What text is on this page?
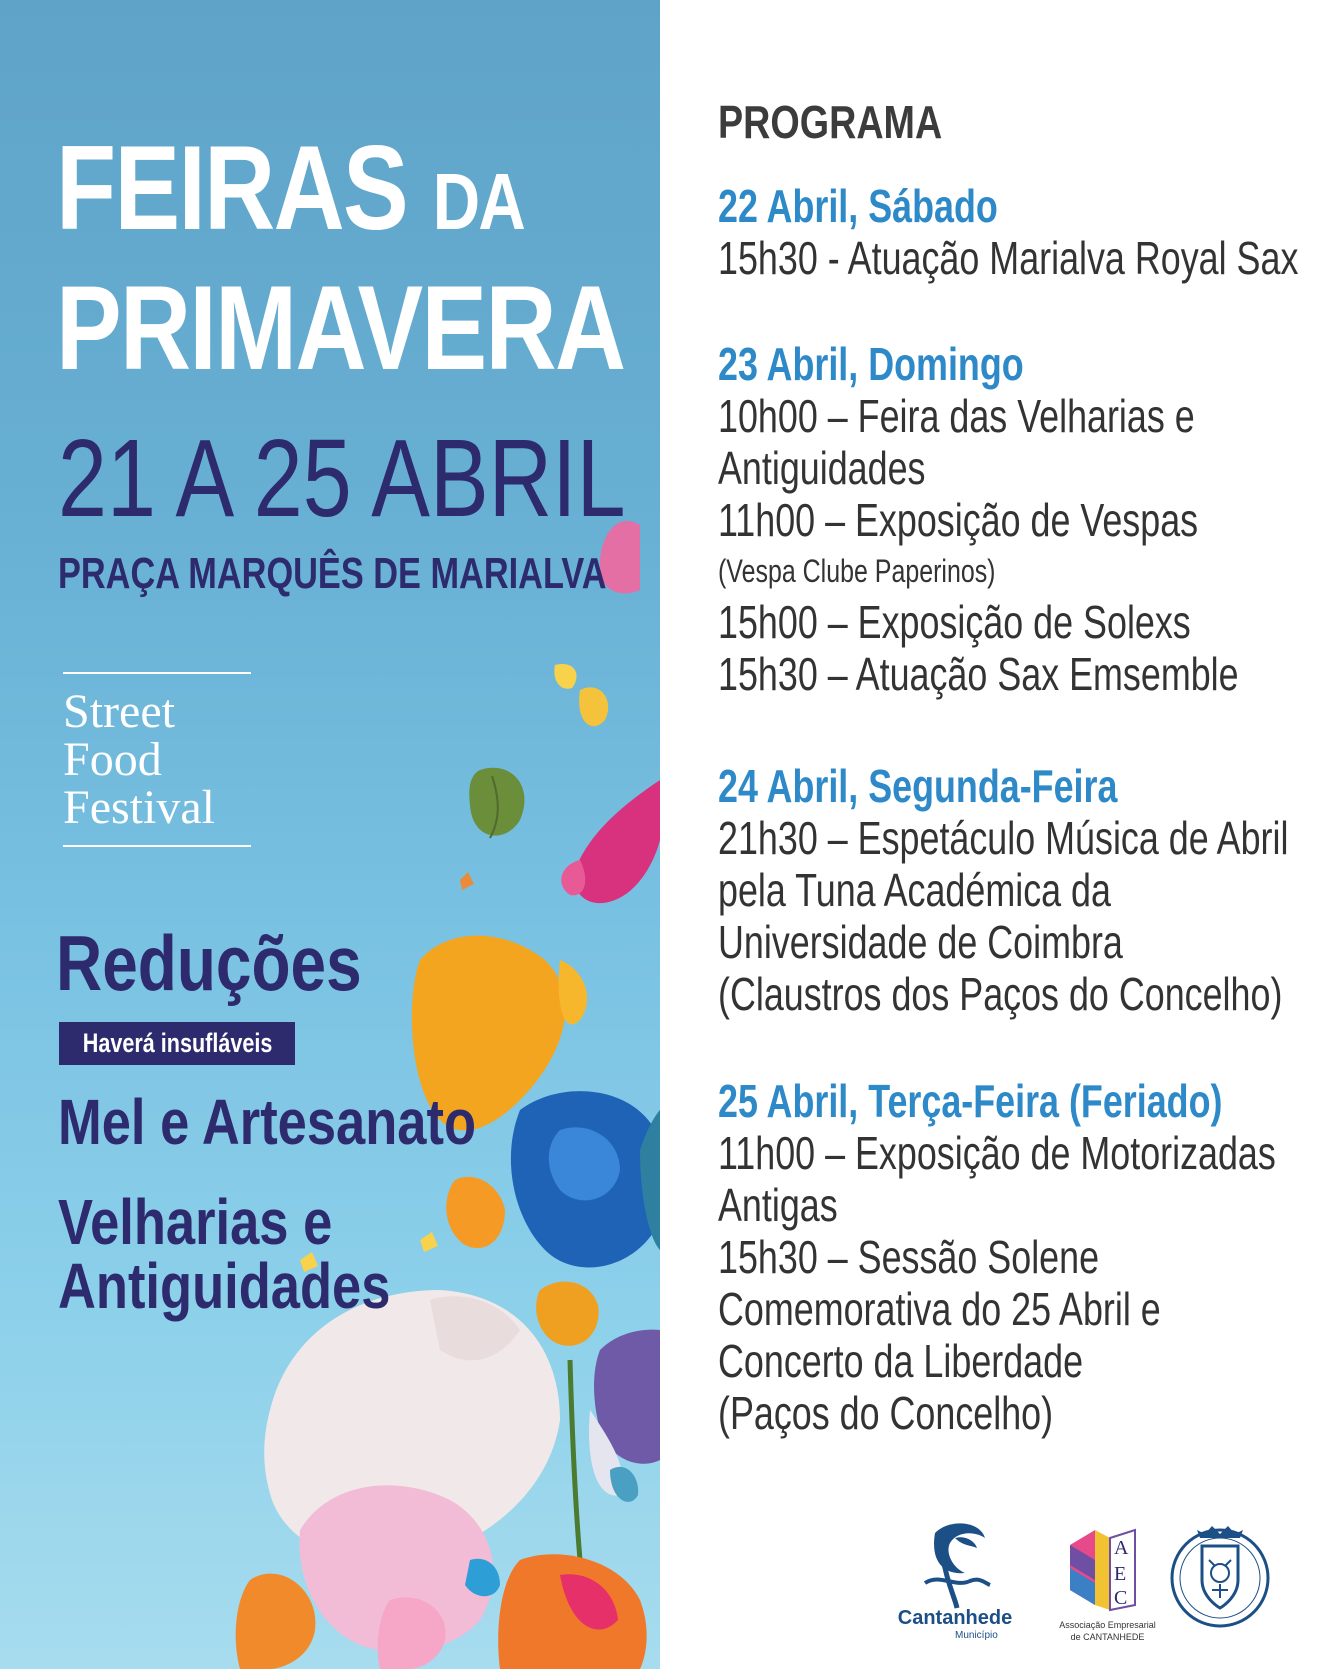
FEIRAS DA
PRIMAVERA
21 A 25 ABRIL
PRAÇA MARQUÊS DE MARIALVA
Street
Food
Festival
Reduções
Haverá insufláveis
Mel e Artesanato
Velharias e
Antiguidades
PROGRAMA
22 Abril, Sábado
15h30 - Atuação Marialva Royal Sax
23 Abril, Domingo
10h00 – Feira das Velharias e
Antiguidades
11h00 – Exposição de Vespas
(Vespa Clube Paperinos)
15h00 – Exposição de Solexs
15h30 – Atuação Sax Emsemble
24 Abril, Segunda-Feira
21h30 – Espetáculo Música de Abril
pela Tuna Académica da
Universidade de Coimbra
(Claustros dos Paços do Concelho)
25 Abril, Terça-Feira (Feriado)
11h00 – Exposição de Motorizadas
Antigas
15h30 – Sessão Solene
Comemorativa do 25 Abril e
Concerto da Liberdade
(Paços do Concelho)
Cantanhede
Município
A
E
C
Associação Empresarial
de CANTANHEDE
